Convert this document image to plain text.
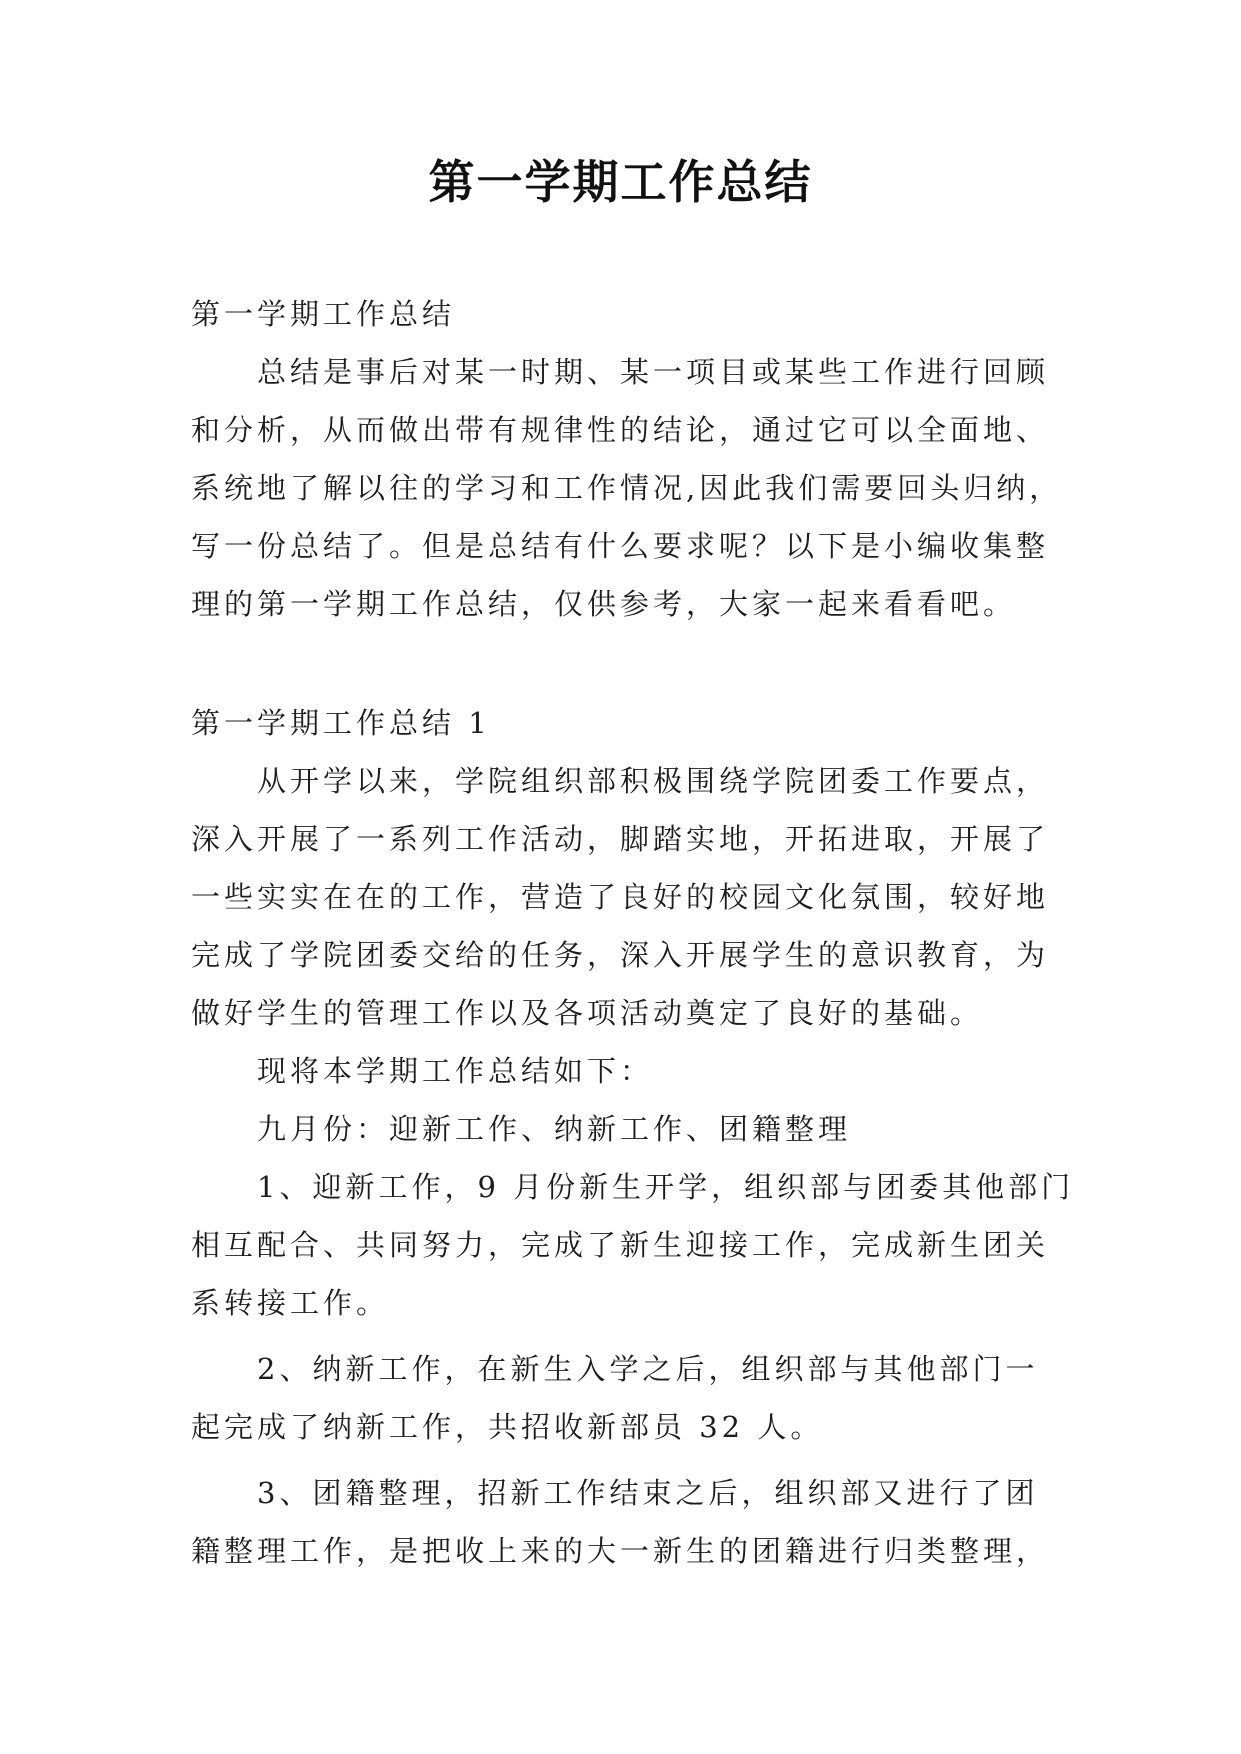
第一学期工作总结
第一学期工作总结
总结是事后对某一时期、某一项目或某些工作进行回顾
和分析，从而做出带有规律性的结论，通过它可以全面地、
系统地了解以往的学习和工作情况,因此我们需要回头归纳，
写一份总结了。但是总结有什么要求呢？以下是小编收集整
理的第一学期工作总结，仅供参考，大家一起来看看吧。
第一学期工作总结 1
从开学以来，学院组织部积极围绕学院团委工作要点，
深入开展了一系列工作活动，脚踏实地，开拓进取，开展了
一些实实在在的工作，营造了良好的校园文化氛围，较好地
完成了学院团委交给的任务，深入开展学生的意识教育，为
做好学生的管理工作以及各项活动奠定了良好的基础。
现将本学期工作总结如下：
九月份：迎新工作、纳新工作、团籍整理
1、迎新工作，9 月份新生开学，组织部与团委其他部门
相互配合、共同努力，完成了新生迎接工作，完成新生团关
系转接工作。
2、纳新工作，在新生入学之后，组织部与其他部门一
起完成了纳新工作，共招收新部员 32 人。
3、团籍整理，招新工作结束之后，组织部又进行了团
籍整理工作，是把收上来的大一新生的团籍进行归类整理，
